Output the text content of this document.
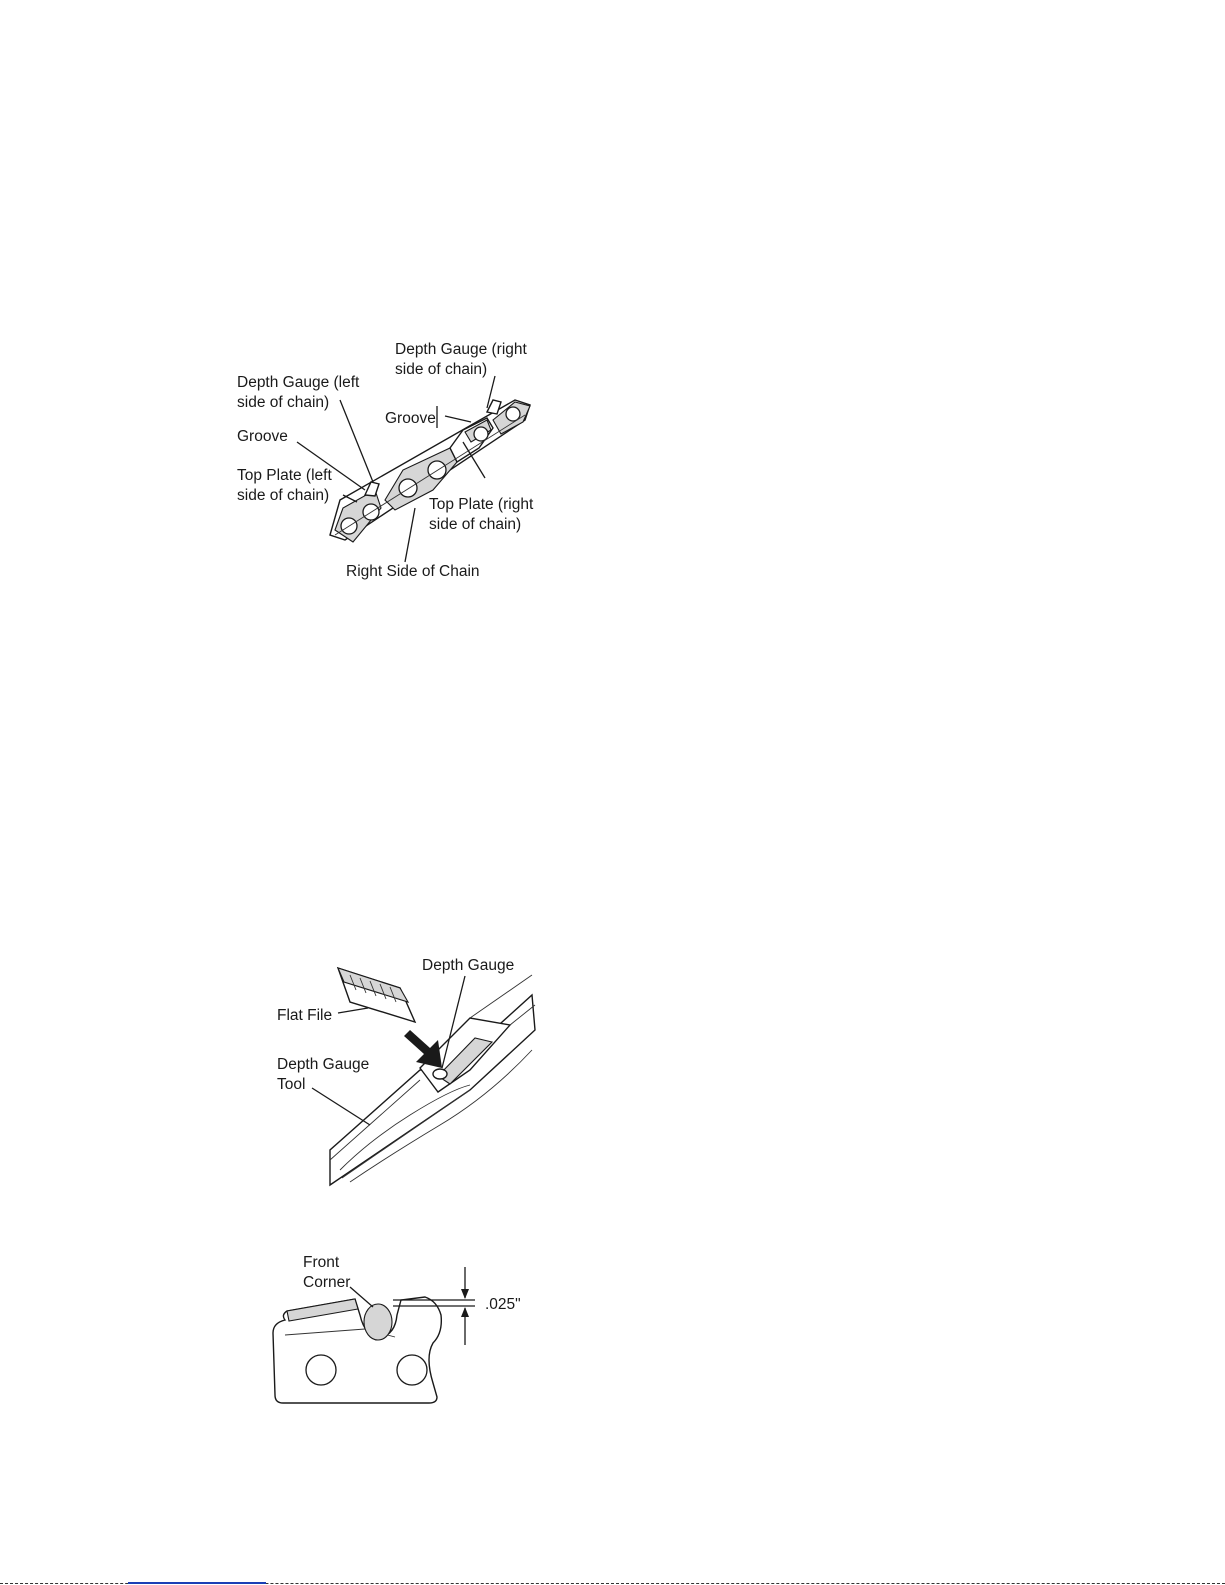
Depth Gauge (right side of chain)
Depth Gauge (left side of chain)
Groove
Groove
Top Plate (left side of chain)
Top Plate (right side of chain)
Right Side of Chain
Depth Gauge
Flat File
Depth Gauge Tool
Front Corner
.025"
